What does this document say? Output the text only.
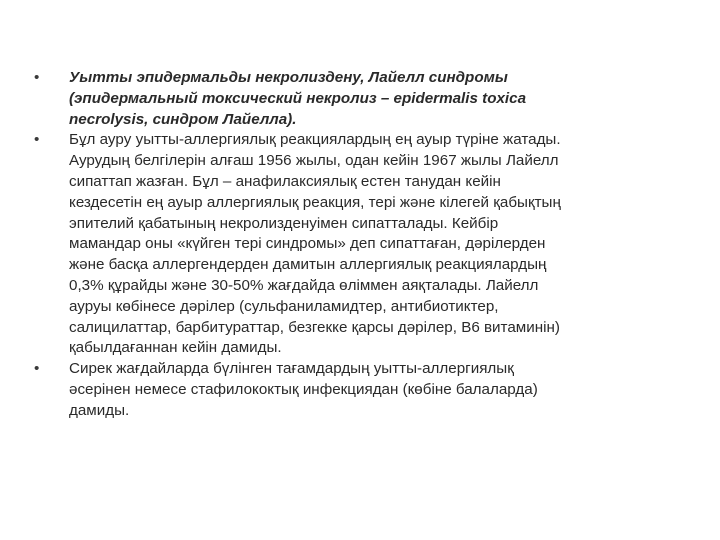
•	Уытты эпидермальды некролиздену, Лайелл синдромы
(эпидермальный токсический некролиз – epidermalis toxica
necrolysis, синдром Лайелла).
•	Бұл аурy уытты-аллергиялық реакциялардың ең ауыр түріне жатады.
Аурудың белгілерін алғаш 1956 жылы, одан кейін 1967 жылы Лайелл
сипаттап жазған. Бұл – анафилаксиялық естен танудан кейін
кездесетін ең ауыр аллергиялық реакция, тері және кілегей қабықтың
эпителий қабатының некролизденуімен сипатталады. Кейбір
мамандар оны «күйген тері синдромы» деп сипаттаған, дәрілерден
және басқа аллергендерден дамитын аллергиялық реакциялардың
0,3% құрайды және 30-50% жағдайда өліммен аяқталады. Лайелл
ауруы көбінесе дәрілер (сульфаниламидтер, антибиотиктер,
салицилаттар, барбитураттар, безгекке қарсы дәрілер, В6 витаминін)
қабылдағаннан кейін дамиды.
•	Сирек жағдайларда бүлінген тағамдардың уытты-аллергиялық
әсерінен немесе стафилококтық инфекциядан (көбіне балаларда)
дамиды.
